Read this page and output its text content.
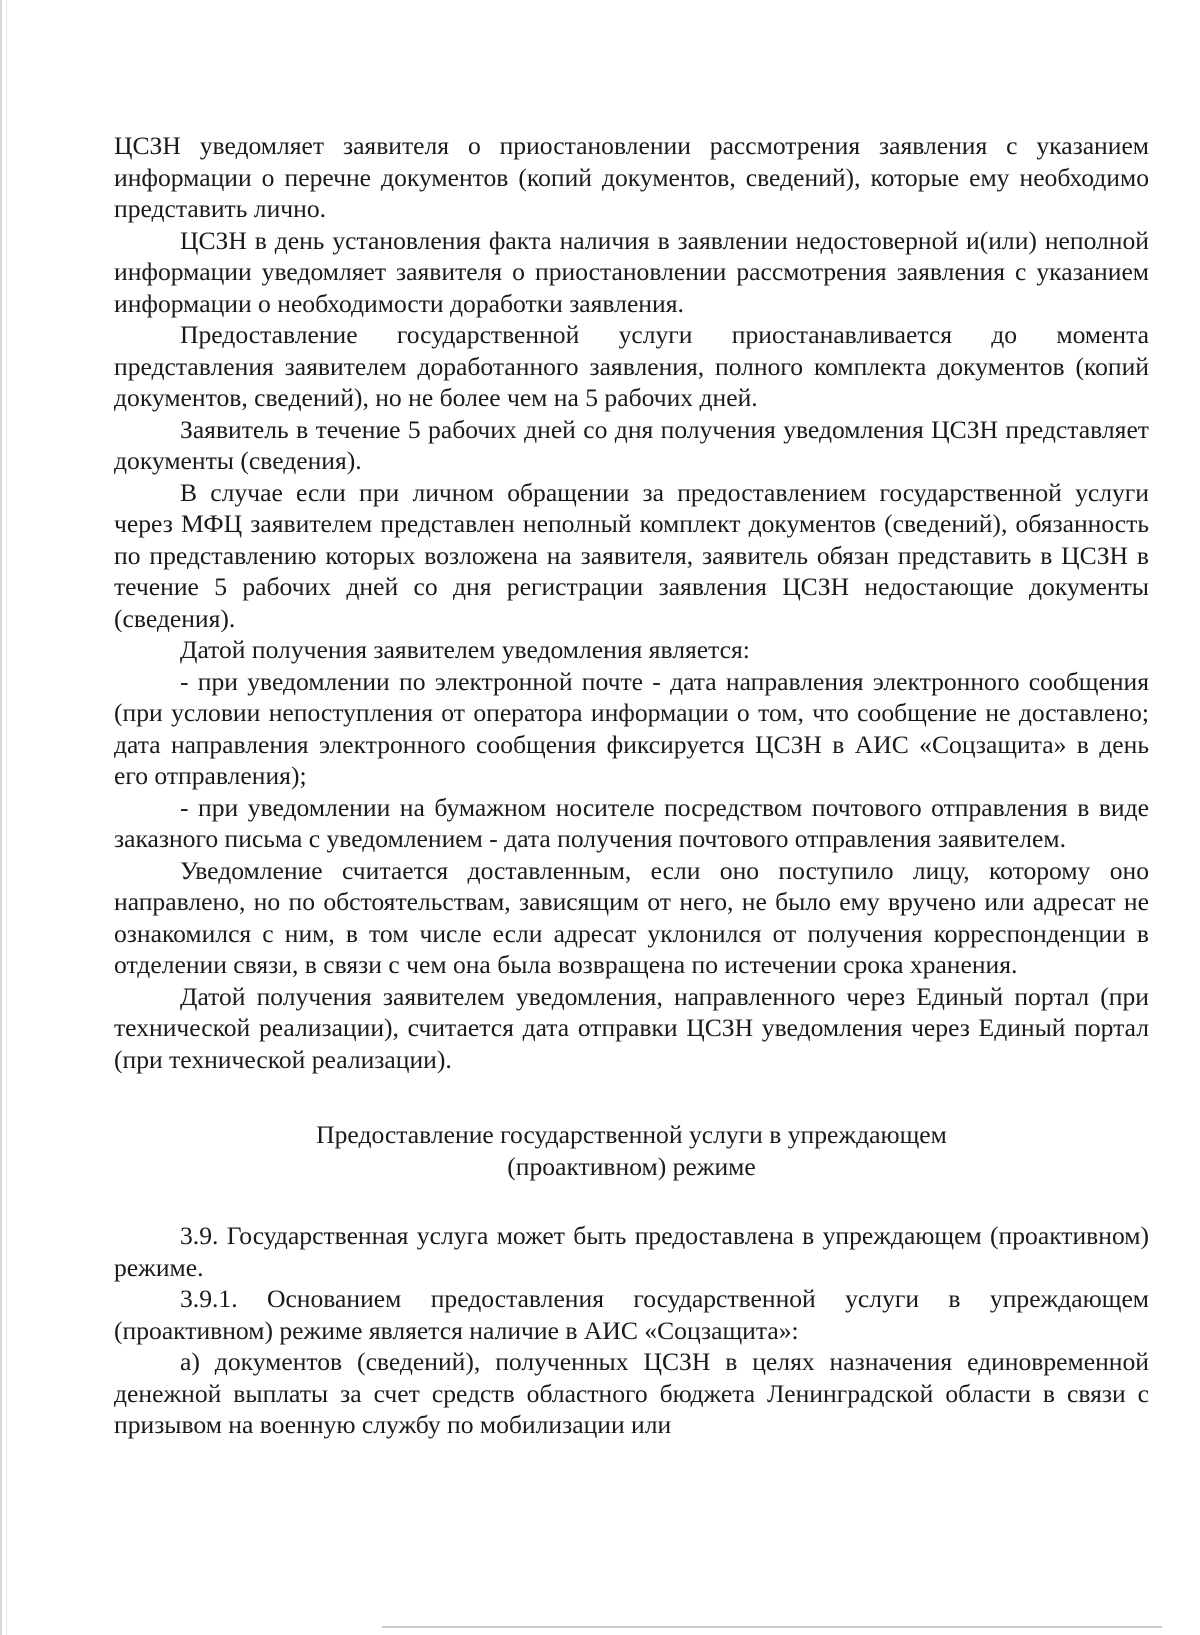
ЦСЗН уведомляет заявителя о приостановлении рассмотрения заявления с указанием информации о перечне документов (копий документов, сведений), которые ему необходимо представить лично.

ЦСЗН в день установления факта наличия в заявлении недостоверной и(или) неполной информации уведомляет заявителя о приостановлении рассмотрения заявления с указанием информации о необходимости доработки заявления.

Предоставление государственной услуги приостанавливается до момента представления заявителем доработанного заявления, полного комплекта документов (копий документов, сведений), но не более чем на 5 рабочих дней.

Заявитель в течение 5 рабочих дней со дня получения уведомления ЦСЗН представляет документы (сведения).

В случае если при личном обращении за предоставлением государственной услуги через МФЦ заявителем представлен неполный комплект документов (сведений), обязанность по представлению которых возложена на заявителя, заявитель обязан представить в ЦСЗН в течение 5 рабочих дней со дня регистрации заявления ЦСЗН недостающие документы (сведения).

Датой получения заявителем уведомления является:

- при уведомлении по электронной почте - дата направления электронного сообщения (при условии непоступления от оператора информации о том, что сообщение не доставлено; дата направления электронного сообщения фиксируется ЦСЗН в АИС «Соцзащита» в день его отправления);

- при уведомлении на бумажном носителе посредством почтового отправления в виде заказного письма с уведомлением - дата получения почтового отправления заявителем.

Уведомление считается доставленным, если оно поступило лицу, которому оно направлено, но по обстоятельствам, зависящим от него, не было ему вручено или адресат не ознакомился с ним, в том числе если адресат уклонился от получения корреспонденции в отделении связи, в связи с чем она была возвращена по истечении срока хранения.

Датой получения заявителем уведомления, направленного через Единый портал (при технической реализации), считается дата отправки ЦСЗН уведомления через Единый портал (при технической реализации).

Предоставление государственной услуги в упреждающем
(проактивном) режиме

3.9. Государственная услуга может быть предоставлена в упреждающем (проактивном) режиме.

3.9.1. Основанием предоставления государственной услуги в упреждающем (проактивном) режиме является наличие в АИС «Соцзащита»:

а) документов (сведений), полученных ЦСЗН в целях назначения единовременной денежной выплаты за счет средств областного бюджета Ленинградской области в связи с призывом на военную службу по мобилизации или
